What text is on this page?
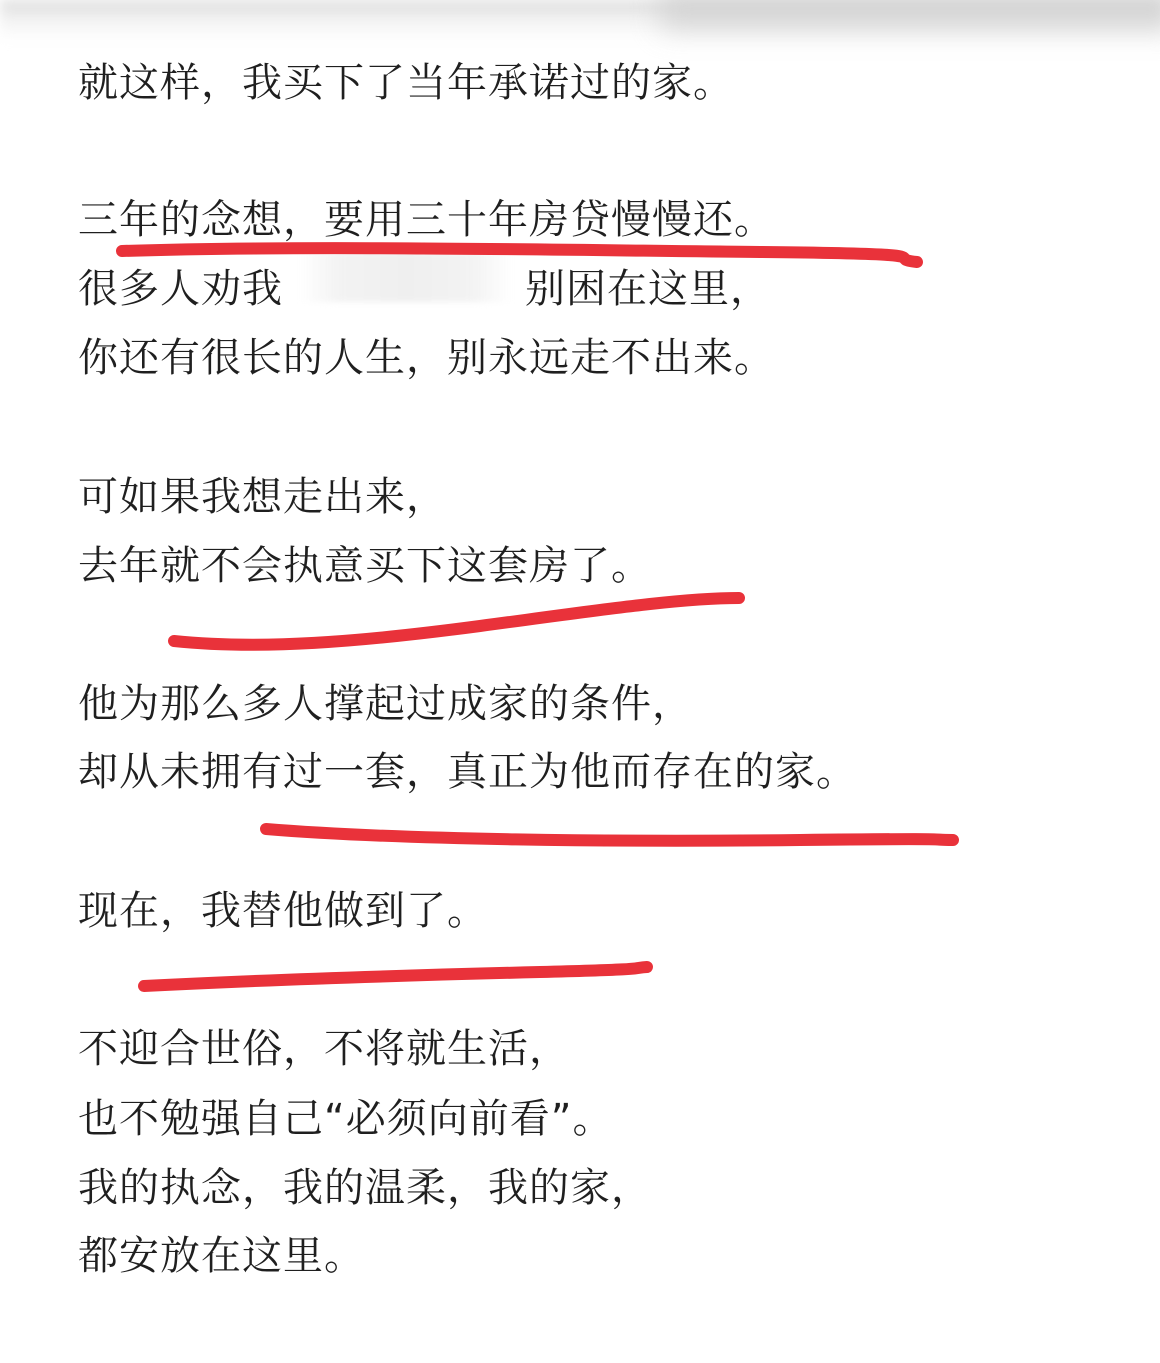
就这样，我买下了当年承诺过的家。

三年的念想，要用三十年房贷慢慢还。

很多人劝我	别困在这里，

你还有很长的人生，别永远走不出来。

可如果我想走出来，

去年就不会执意买下这套房了。

他为那么多人撑起过成家的条件，

却从未拥有过一套，真正为他而存在的家。

现在，我替他做到了。

不迎合世俗，不将就生活，

也不勉强自己“必须向前看”。

我的执念，我的温柔，我的家，

都安放在这里。
